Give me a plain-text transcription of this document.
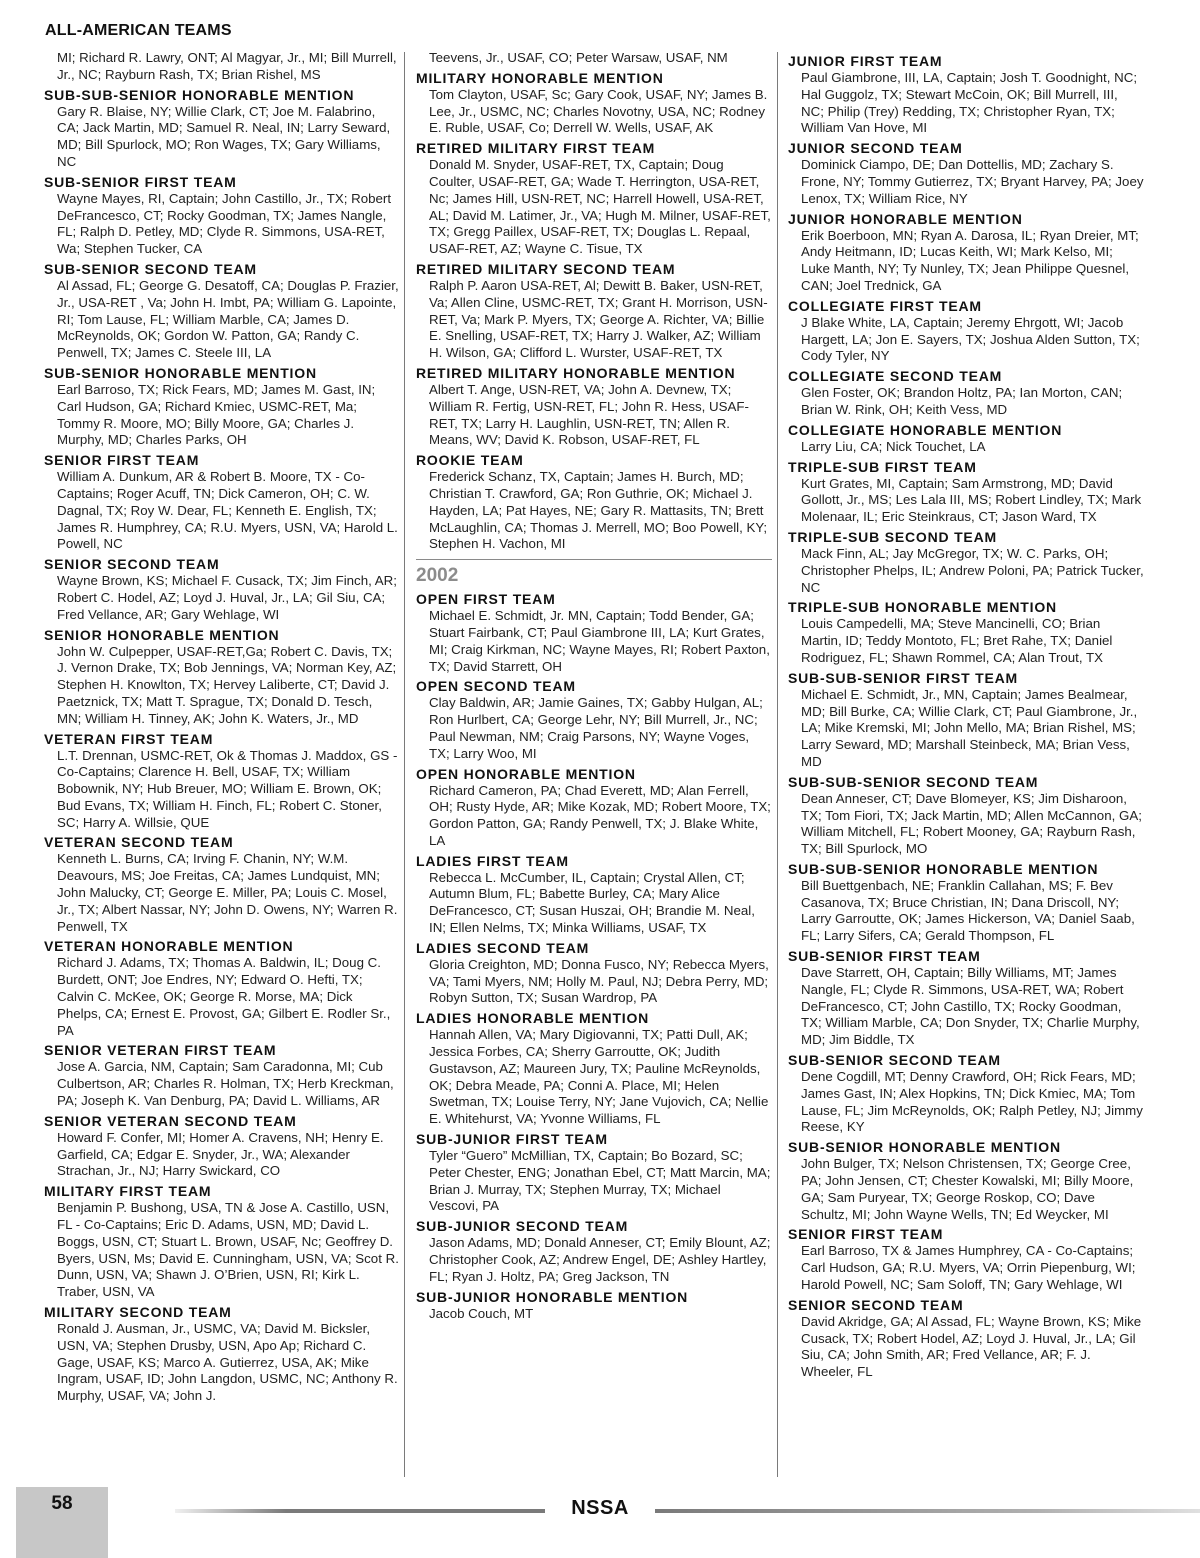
ALL-AMERICAN TEAMS
MI; Richard R. Lawry, ONT; Al Magyar, Jr., MI; Bill Murrell, Jr., NC; Rayburn Rash, TX; Brian Rishel, MS
SUB-SUB-SENIOR HONORABLE MENTION
Gary R. Blaise, NY; Willie Clark, CT; Joe M. Falabrino, CA; Jack Martin, MD; Samuel R. Neal, IN; Larry Seward, MD; Bill Spurlock, MO; Ron Wages, TX; Gary Williams, NC
SUB-SENIOR FIRST TEAM
Wayne Mayes, RI, Captain; John Castillo, Jr., TX; Robert DeFrancesco, CT; Rocky Goodman, TX; James Nangle, FL; Ralph D. Petley, MD; Clyde R. Simmons, USA-RET, Wa; Stephen Tucker, CA
SUB-SENIOR SECOND TEAM
Al Assad, FL; George G. Desatoff, CA; Douglas P. Frazier, Jr., USA-RET , Va; John H. Imbt, PA; William G. Lapointe, RI; Tom Lause, FL; William Marble, CA; James D. McReynolds, OK; Gordon W. Patton, GA; Randy C. Penwell, TX; James C. Steele III, LA
SUB-SENIOR HONORABLE MENTION
Earl Barroso, TX; Rick Fears, MD; James M. Gast, IN; Carl Hudson, GA; Richard Kmiec, USMC-RET, Ma; Tommy R. Moore, MO; Billy Moore, GA; Charles J. Murphy, MD; Charles Parks, OH
SENIOR FIRST TEAM
William A. Dunkum, AR & Robert B. Moore, TX - Co-Captains; Roger Acuff, TN; Dick Cameron, OH; C. W. Dagnal, TX; Roy W. Dear, FL; Kenneth E. English, TX; James R. Humphrey, CA; R.U. Myers, USN, VA; Harold L. Powell, NC
SENIOR SECOND TEAM
Wayne Brown, KS; Michael F. Cusack, TX; Jim Finch, AR; Robert C. Hodel, AZ; Loyd J. Huval, Jr., LA; Gil Siu, CA; Fred Vellance, AR; Gary Wehlage, WI
SENIOR HONORABLE MENTION
John W. Culpepper, USAF-RET,Ga; Robert C. Davis, TX; J. Vernon Drake, TX; Bob Jennings, VA; Norman Key, AZ; Stephen H. Knowlton, TX; Hervey Laliberte, CT; David J. Paetznick, TX; Matt T. Sprague, TX; Donald D. Tesch, MN; William H. Tinney, AK; John K. Waters, Jr., MD
VETERAN FIRST TEAM
L.T. Drennan, USMC-RET, Ok & Thomas J. Maddox, GS - Co-Captains; Clarence H. Bell, USAF, TX; William Bobownik, NY; Hub Breuer, MO; William E. Brown, OK; Bud Evans, TX; William H. Finch, FL; Robert C. Stoner, SC; Harry A. Willsie, QUE
VETERAN SECOND TEAM
Kenneth L. Burns, CA; Irving F. Chanin, NY; W.M. Deavours, MS; Joe Freitas, CA; James Lundquist, MN; John Malucky, CT; George E. Miller, PA; Louis C. Mosel, Jr., TX; Albert Nassar, NY; John D. Owens, NY; Warren R. Penwell, TX
VETERAN HONORABLE MENTION
Richard J. Adams, TX; Thomas A. Baldwin, IL; Doug C. Burdett, ONT; Joe Endres, NY; Edward O. Hefti, TX; Calvin C. McKee, OK; George R. Morse, MA; Dick Phelps, CA; Ernest E. Provost, GA; Gilbert E. Rodler Sr., PA
SENIOR VETERAN FIRST TEAM
Jose A. Garcia, NM, Captain; Sam Caradonna, MI; Cub Culbertson, AR; Charles R. Holman, TX; Herb Kreckman, PA; Joseph K. Van Denburg, PA; David L. Williams, AR
SENIOR VETERAN SECOND TEAM
Howard F. Confer, MI; Homer A. Cravens, NH; Henry E. Garfield, CA; Edgar E. Snyder, Jr., WA; Alexander Strachan, Jr., NJ; Harry Swickard, CO
MILITARY FIRST TEAM
Benjamin P. Bushong, USA, TN & Jose A. Castillo, USN, FL - Co-Captains; Eric D. Adams, USN, MD; David L. Boggs, USN, CT; Stuart L. Brown, USAF, Nc; Geoffrey D. Byers, USN, Ms; David E. Cunningham, USN, VA; Scot R. Dunn, USN, VA; Shawn J. O’Brien, USN, RI; Kirk L. Traber, USN, VA
MILITARY SECOND TEAM
Ronald J. Ausman, Jr., USMC, VA; David M. Bicksler, USN, VA; Stephen Drusby, USN, Apo Ap; Richard C. Gage, USAF, KS; Marco A. Gutierrez, USA, AK; Mike Ingram, USAF, ID; John Langdon, USMC, NC; Anthony R. Murphy, USAF, VA; John J.
Teevens, Jr., USAF, CO; Peter Warsaw, USAF, NM
MILITARY HONORABLE MENTION
Tom Clayton, USAF, Sc; Gary Cook, USAF, NY; James B. Lee, Jr., USMC, NC; Charles Novotny, USA, NC; Rodney E. Ruble, USAF, Co; Derrell W. Wells, USAF, AK
RETIRED MILITARY FIRST TEAM
Donald M. Snyder, USAF-RET, TX, Captain; Doug Coulter, USAF-RET, GA; Wade T. Herrington, USA-RET, Nc; James Hill, USN-RET, NC; Harrell Howell, USA-RET, AL; David M. Latimer, Jr., VA; Hugh M. Milner, USAF-RET, TX; Gregg Paillex, USAF-RET, TX; Douglas L. Repaal, USAF-RET, AZ; Wayne C. Tisue, TX
RETIRED MILITARY SECOND TEAM
Ralph P. Aaron USA-RET, Al; Dewitt B. Baker, USN-RET, Va; Allen Cline, USMC-RET, TX; Grant H. Morrison, USN-RET, Va; Mark P. Myers, TX; George A. Richter, VA; Billie E. Snelling, USAF-RET, TX; Harry J. Walker, AZ; William H. Wilson, GA; Clifford L. Wurster, USAF-RET, TX
RETIRED MILITARY HONORABLE MENTION
Albert T. Ange, USN-RET, VA; John A. Devnew, TX; William R. Fertig, USN-RET, FL; John R. Hess, USAF-RET, TX; Larry H. Laughlin, USN-RET, TN; Allen R. Means, WV; David K. Robson, USAF-RET, FL
ROOKIE TEAM
Frederick Schanz, TX, Captain; James H. Burch, MD; Christian T. Crawford, GA; Ron Guthrie, OK; Michael J. Hayden, LA; Pat Hayes, NE; Gary R. Mattasits, TN; Brett McLaughlin, CA; Thomas J. Merrell, MO; Boo Powell, KY; Stephen H. Vachon, MI
2002
OPEN FIRST TEAM
Michael E. Schmidt, Jr. MN, Captain; Todd Bender, GA; Stuart Fairbank, CT; Paul Giambrone III, LA; Kurt Grates, MI; Craig Kirkman, NC; Wayne Mayes, RI; Robert Paxton, TX; David Starrett, OH
OPEN SECOND TEAM
Clay Baldwin, AR; Jamie Gaines, TX; Gabby Hulgan, AL; Ron Hurlbert, CA; George Lehr, NY; Bill Murrell, Jr., NC; Paul Newman, NM; Craig Parsons, NY; Wayne Voges, TX; Larry Woo, MI
OPEN HONORABLE MENTION
Richard Cameron, PA; Chad Everett, MD; Alan Ferrell, OH; Rusty Hyde, AR; Mike Kozak, MD; Robert Moore, TX; Gordon Patton, GA; Randy Penwell, TX; J. Blake White, LA
LADIES FIRST TEAM
Rebecca L. McCumber, IL, Captain; Crystal Allen, CT; Autumn Blum, FL; Babette Burley, CA; Mary Alice DeFrancesco, CT; Susan Huszai, OH; Brandie M. Neal, IN; Ellen Nelms, TX; Minka Williams, USAF, TX
LADIES SECOND TEAM
Gloria Creighton, MD; Donna Fusco, NY; Rebecca Myers, VA; Tami Myers, NM; Holly M. Paul, NJ; Debra Perry, MD; Robyn Sutton, TX; Susan Wardrop, PA
LADIES HONORABLE MENTION
Hannah Allen, VA; Mary Digiovanni, TX; Patti Dull, AK; Jessica Forbes, CA; Sherry Garroutte, OK; Judith Gustavson, AZ; Maureen Jury, TX; Pauline McReynolds, OK; Debra Meade, PA; Conni A. Place, MI; Helen Swetman, TX; Louise Terry, NY; Jane Vujovich, CA; Nellie E. Whitehurst, VA; Yvonne Williams, FL
SUB-JUNIOR FIRST TEAM
Tyler “Guero” McMillian, TX, Captain; Bo Bozard, SC; Peter Chester, ENG; Jonathan Ebel, CT; Matt Marcin, MA; Brian J. Murray, TX; Stephen Murray, TX; Michael Vescovi, PA
SUB-JUNIOR SECOND TEAM
Jason Adams, MD; Donald Anneser, CT; Emily Blount, AZ; Christopher Cook, AZ; Andrew Engel, DE; Ashley Hartley, FL; Ryan J. Holtz, PA; Greg Jackson, TN
SUB-JUNIOR HONORABLE MENTION
Jacob Couch, MT
JUNIOR FIRST TEAM
Paul Giambrone, III, LA, Captain; Josh T. Goodnight, NC; Hal Guggolz, TX; Stewart McCoin, OK; Bill Murrell, III, NC; Philip (Trey) Redding, TX; Christopher Ryan, TX; William Van Hove, MI
JUNIOR SECOND TEAM
Dominick Ciampo, DE; Dan Dottellis, MD; Zachary S. Frone, NY; Tommy Gutierrez, TX; Bryant Harvey, PA; Joey Lenox, TX; William Rice, NY
JUNIOR HONORABLE MENTION
Erik Boerboon, MN; Ryan A. Darosa, IL; Ryan Dreier, MT; Andy Heitmann, ID; Lucas Keith, WI; Mark Kelso, MI; Luke Manth, NY; Ty Nunley, TX; Jean Philippe Quesnel, CAN; Joel Trednick, GA
COLLEGIATE FIRST TEAM
J Blake White, LA, Captain; Jeremy Ehrgott, WI; Jacob Hargett, LA; Jon E. Sayers, TX; Joshua Alden Sutton, TX; Cody Tyler, NY
COLLEGIATE SECOND TEAM
Glen Foster, OK; Brandon Holtz, PA; Ian Morton, CAN; Brian W. Rink, OH; Keith Vess, MD
COLLEGIATE HONORABLE MENTION
Larry Liu, CA; Nick Touchet, LA
TRIPLE-SUB FIRST TEAM
Kurt Grates, MI, Captain; Sam Armstrong, MD; David Gollott, Jr., MS; Les Lala III, MS; Robert Lindley, TX; Mark Molenaar, IL; Eric Steinkraus, CT; Jason Ward, TX
TRIPLE-SUB SECOND TEAM
Mack Finn, AL; Jay McGregor, TX; W. C. Parks, OH; Christopher Phelps, IL; Andrew Poloni, PA; Patrick Tucker, NC
TRIPLE-SUB HONORABLE MENTION
Louis Campedelli, MA; Steve Mancinelli, CO; Brian Martin, ID; Teddy Montoto, FL; Bret Rahe, TX; Daniel Rodriguez, FL; Shawn Rommel, CA; Alan Trout, TX
SUB-SUB-SENIOR FIRST TEAM
Michael E. Schmidt, Jr., MN, Captain; James Bealmear, MD; Bill Burke, CA; Willie Clark, CT; Paul Giambrone, Jr., LA; Mike Kremski, MI; John Mello, MA; Brian Rishel, MS; Larry Seward, MD; Marshall Steinbeck, MA; Brian Vess, MD
SUB-SUB-SENIOR SECOND TEAM
Dean Anneser, CT; Dave Blomeyer, KS; Jim Disharoon, TX; Tom Fiori, TX; Jack Martin, MD; Allen McCannon, GA; William Mitchell, FL; Robert Mooney, GA; Rayburn Rash, TX; Bill Spurlock, MO
SUB-SUB-SENIOR HONORABLE MENTION
Bill Buettgenbach, NE; Franklin Callahan, MS; F. Bev Casanova, TX; Bruce Christian, IN; Dana Driscoll, NY; Larry Garroutte, OK; James Hickerson, VA; Daniel Saab, FL; Larry Sifers, CA; Gerald Thompson, FL
SUB-SENIOR FIRST TEAM
Dave Starrett, OH, Captain; Billy Williams, MT; James Nangle, FL; Clyde R. Simmons, USA-RET, WA; Robert DeFrancesco, CT; John Castillo, TX; Rocky Goodman, TX; William Marble, CA; Don Snyder, TX; Charlie Murphy, MD; Jim Biddle, TX
SUB-SENIOR SECOND TEAM
Dene Cogdill, MT; Denny Crawford, OH; Rick Fears, MD; James Gast, IN; Alex Hopkins, TN; Dick Kmiec, MA; Tom Lause, FL; Jim McReynolds, OK; Ralph Petley, NJ; Jimmy Reese, KY
SUB-SENIOR HONORABLE MENTION
John Bulger, TX; Nelson Christensen, TX; George Cree, PA; John Jensen, CT; Chester Kowalski, MI; Billy Moore, GA; Sam Puryear, TX; George Roskop, CO; Dave Schultz, MI; John Wayne Wells, TN; Ed Weycker, MI
SENIOR FIRST TEAM
Earl Barroso, TX & James Humphrey, CA - Co-Captains; Carl Hudson, GA; R.U. Myers, VA; Orrin Piepenburg, WI; Harold Powell, NC; Sam Soloff, TN; Gary Wehlage, WI
SENIOR SECOND TEAM
David Akridge, GA; Al Assad, FL; Wayne Brown, KS; Mike Cusack, TX; Robert Hodel, AZ; Loyd J. Huval, Jr., LA; Gil Siu, CA; John Smith, AR; Fred Vellance, AR; F. J. Wheeler, FL
58	NSSA
